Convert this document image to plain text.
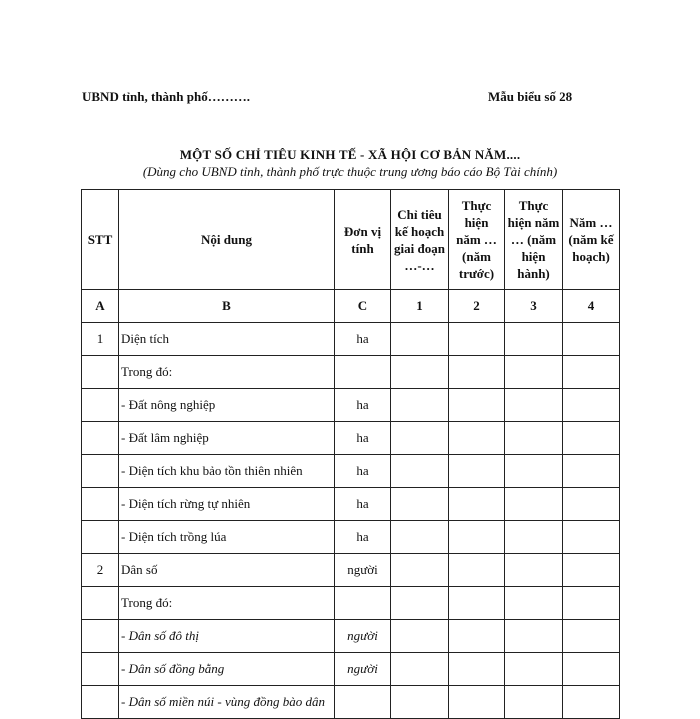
UBND tỉnh, thành phố……….	Mẫu biểu số 28
MỘT SỐ CHỈ TIÊU KINH TẾ - XÃ HỘI CƠ BẢN NĂM....
(Dùng cho UBND tỉnh, thành phố trực thuộc trung ương báo cáo Bộ Tài chính)
STT	Nội dung	Đơn vị tính	Chỉ tiêu kế hoạch giai đoạn …-…	Thực hiện năm … (năm trước)	Thực hiện năm … (năm hiện hành)	Năm … (năm kế hoạch)
A	B	C	1	2	3	4
1	Diện tích	ha				
	Trong đó:					
	- Đất nông nghiệp	ha				
	- Đất lâm nghiệp	ha				
	- Diện tích khu bảo tồn thiên nhiên	ha				
	- Diện tích rừng tự nhiên	ha				
	- Diện tích trồng lúa	ha				
2	Dân số	người				
	Trong đó:					
	- Dân số đô thị	người				
	- Dân số đồng bằng	người				
	- Dân số miền núi - vùng đồng bào dân					
